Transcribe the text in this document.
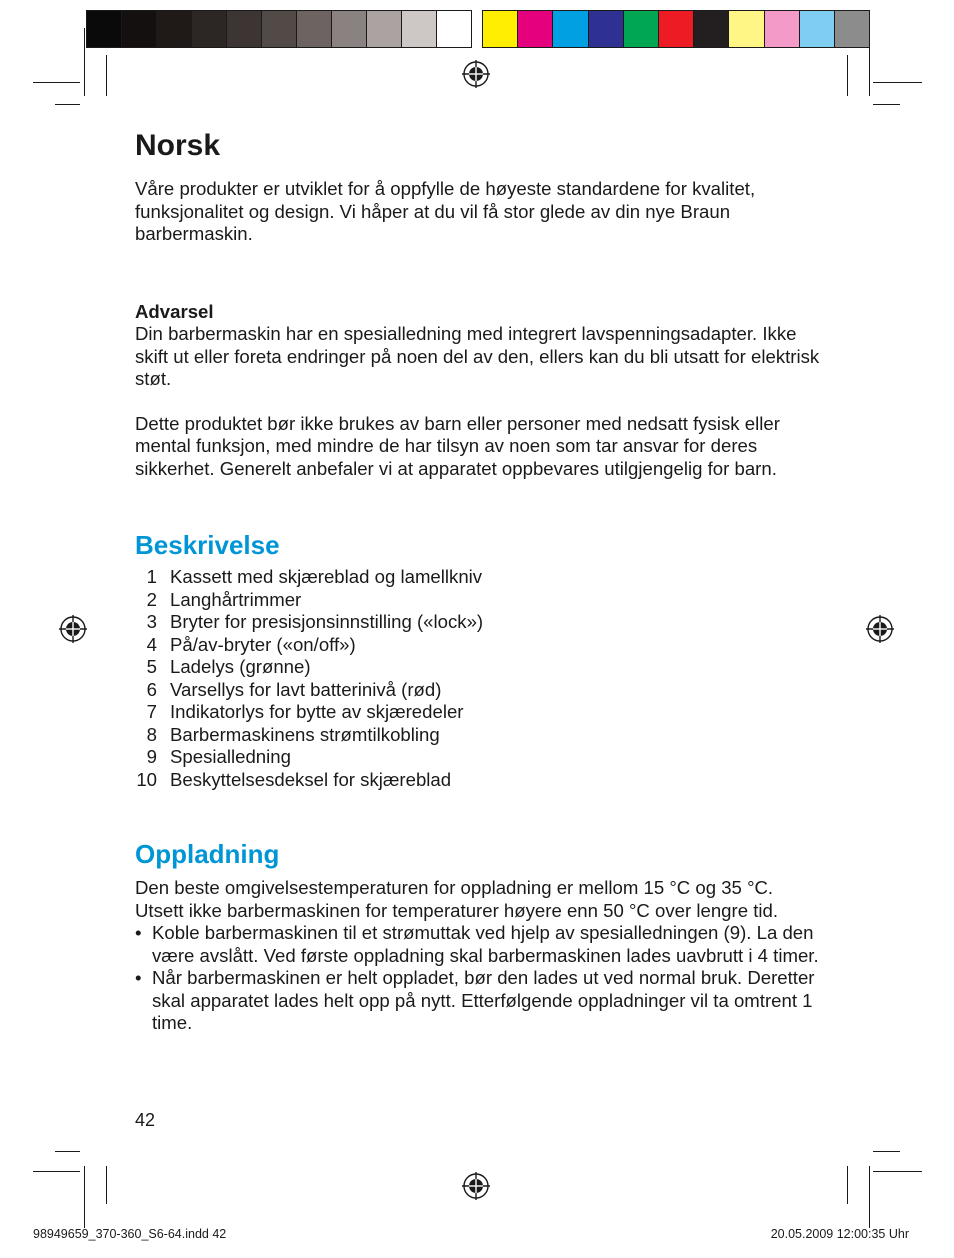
Norsk

Våre produkter er utviklet for å oppfylle de høyeste standardene for kvalitet, funksjonalitet og design. Vi håper at du vil få stor glede av din nye Braun barbermaskin.

Advarsel

Din barbermaskin har en spesialledning med integrert lavspenningsadapter. Ikke skift ut eller foreta endringer på noen del av den, ellers kan du bli utsatt for elektrisk støt.

Dette produktet bør ikke brukes av barn eller personer med nedsatt fysisk eller mental funksjon, med mindre de har tilsyn av noen som tar ansvar for deres sikkerhet. Generelt anbefaler vi at apparatet oppbevares utilgjengelig for barn.

Beskrivelse
1 Kassett med skjæreblad og lamellkniv
2 Langhårtrimmer
3 Bryter for presisjonsinnstilling («lock»)
4 På/av-bryter («on/off»)
5 Ladelys (grønne)
6 Varsellys for lavt batterinivå (rød)
7 Indikatorlys for bytte av skjæredeler
8 Barbermaskinens strømtilkobling
9 Spesialledning
10 Beskyttelsesdeksel for skjæreblad
Oppladning

Den beste omgivelsestemperaturen for oppladning er mellom 15 °C og 35 °C. Utsett ikke barbermaskinen for temperaturer høyere enn 50 °C over lengre tid.

• Koble barbermaskinen til et strømuttak ved hjelp av spesialledningen (9). La den være avslått. Ved første oppladning skal barbermaskinen lades uavbrutt i 4 timer.
• Når barbermaskinen er helt oppladet, bør den lades ut ved normal bruk. Deretter skal apparatet lades helt opp på nytt. Etterfølgende oppladninger vil ta omtrent 1 time.
42
98949659_370-360_S6-64.indd 42	20.05.2009 12:00:35 Uhr
